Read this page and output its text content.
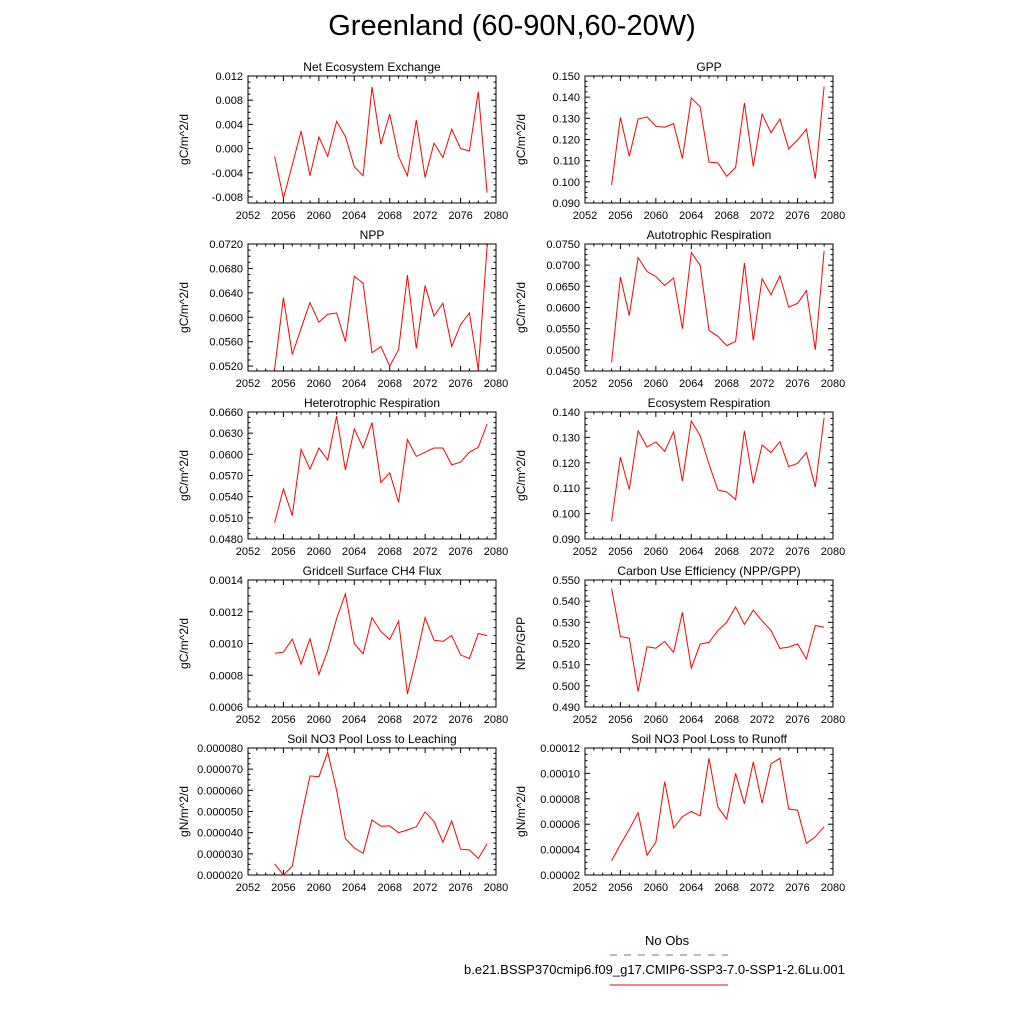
Greenland (60-90N,60-20W)
Net Ecosystem Exchange
gC/m^2/d
2052 2056 2060 2064 2068 2072 2076 2080
-0.008
-0.004
0.000
0.004
0.008
0.012
GPP
gC/m^2/d
2052 2056 2060 2064 2068 2072 2076 2080
0.090
0.100
0.110
0.120
0.130
0.140
0.150
NPP
gC/m^2/d
2052 2056 2060 2064 2068 2072 2076 2080
0.0520
0.0560
0.0600
0.0640
0.0680
0.0720
Autotrophic Respiration
gC/m^2/d
2052 2056 2060 2064 2068 2072 2076 2080
0.0450
0.0500
0.0550
0.0600
0.0650
0.0700
0.0750
Heterotrophic Respiration
gC/m^2/d
2052 2056 2060 2064 2068 2072 2076 2080
0.0480
0.0510
0.0540
0.0570
0.0600
0.0630
0.0660
Ecosystem Respiration
gC/m^2/d
2052 2056 2060 2064 2068 2072 2076 2080
0.090
0.100
0.110
0.120
0.130
0.140
Gridcell Surface CH4 Flux
gC/m^2/d
2052 2056 2060 2064 2068 2072 2076 2080
0.0006
0.0008
0.0010
0.0012
0.0014
Carbon Use Efficiency (NPP/GPP)
NPP/GPP
2052 2056 2060 2064 2068 2072 2076 2080
0.490
0.500
0.510
0.520
0.530
0.540
0.550
Soil NO3 Pool Loss to Leaching
gN/m^2/d
2052 2056 2060 2064 2068 2072 2076 2080
0.000020
0.000030
0.000040
0.000050
0.000060
0.000070
0.000080
Soil NO3 Pool Loss to Runoff
gN/m^2/d
2052 2056 2060 2064 2068 2072 2076 2080
0.00002
0.00004
0.00006
0.00008
0.00010
0.00012
No Obs
b.e21.BSSP370cmip6.f09_g17.CMIP6-SSP3-7.0-SSP1-2.6Lu.001
